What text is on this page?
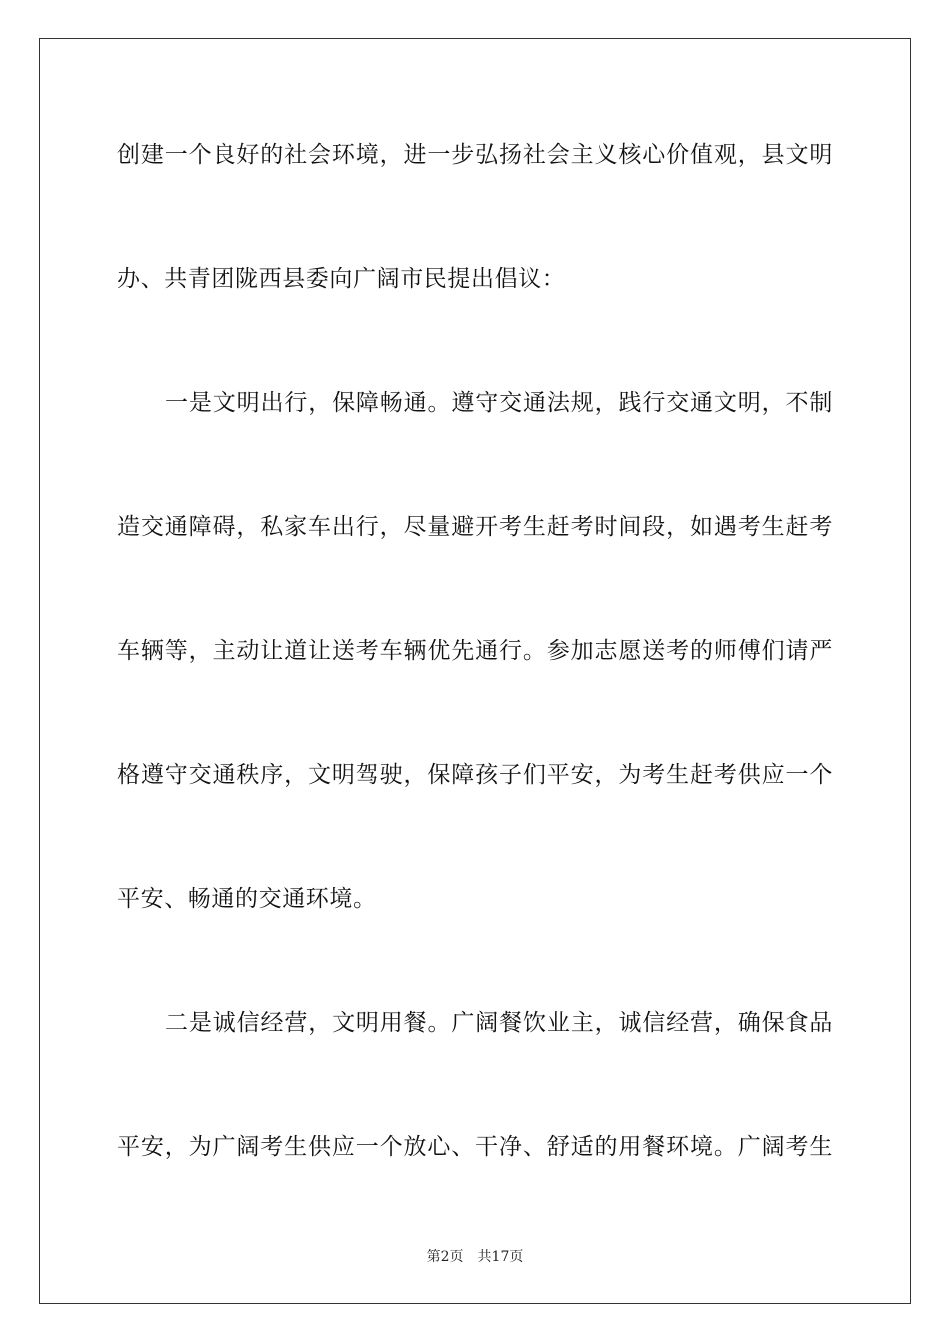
创建一个良好的社会环境，进一步弘扬社会主义核心价值观，县文明
办、共青团陇西县委向广阔市民提出倡议：
一是文明出行，保障畅通。遵守交通法规，践行交通文明，不制
造交通障碍，私家车出行，尽量避开考生赶考时间段，如遇考生赶考
车辆等，主动让道让送考车辆优先通行。参加志愿送考的师傅们请严
格遵守交通秩序，文明驾驶，保障孩子们平安，为考生赶考供应一个
平安、畅通的交通环境。
二是诚信经营，文明用餐。广阔餐饮业主，诚信经营，确保食品
平安，为广阔考生供应一个放心、干净、舒适的用餐环境。广阔考生
第2页 共17页
